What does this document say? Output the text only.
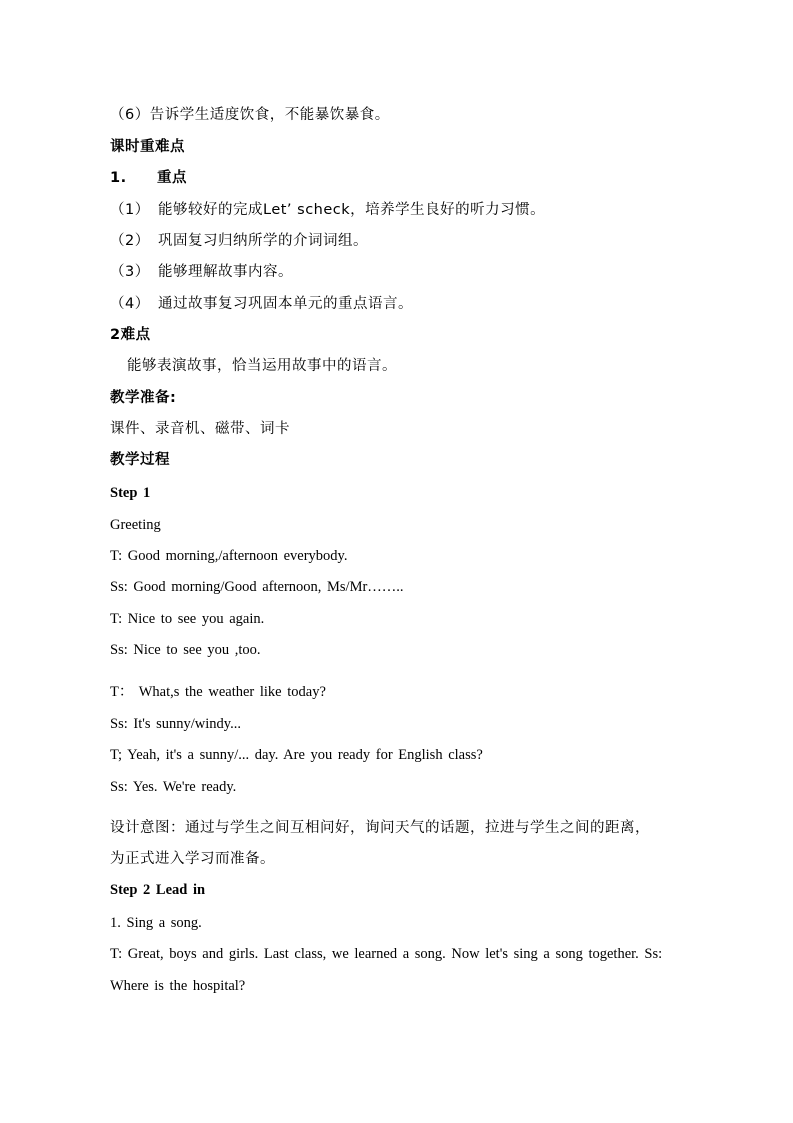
（6）告诉学生适度饮食，不能暴饮暴食。
课时重难点
1. 重点
（1） 能够较好的完成Let’ scheck，培养学生良好的听力习惯。
（2） 巩固复习归纳所学的介词词组。
（3） 能够理解故事内容。
（4） 通过故事复习巩固本单元的重点语言。
2难点
能够表演故事，恰当运用故事中的语言。
教学准备:
课件、录音机、磁带、词卡
教学过程
Step 1
Greeting
T: Good morning,/afternoon everybody.
Ss: Good morning/Good afternoon, Ms/Mr……..
T: Nice to see you again.
Ss: Nice to see you ,too.
T： What,s the weather like today?
Ss: It's sunny/windy...
T; Yeah, it's a sunny/... day. Are you ready for English class?
Ss: Yes. We're ready.
设计意图：通过与学生之间互相问好，询问天气的话题，拉进与学生之间的距离，
为正式进入学习而准备。
Step 2 Lead in
1. Sing a song.
T: Great, boys and girls. Last class, we learned a song. Now let's sing a song together. Ss:
Where is the hospital?
